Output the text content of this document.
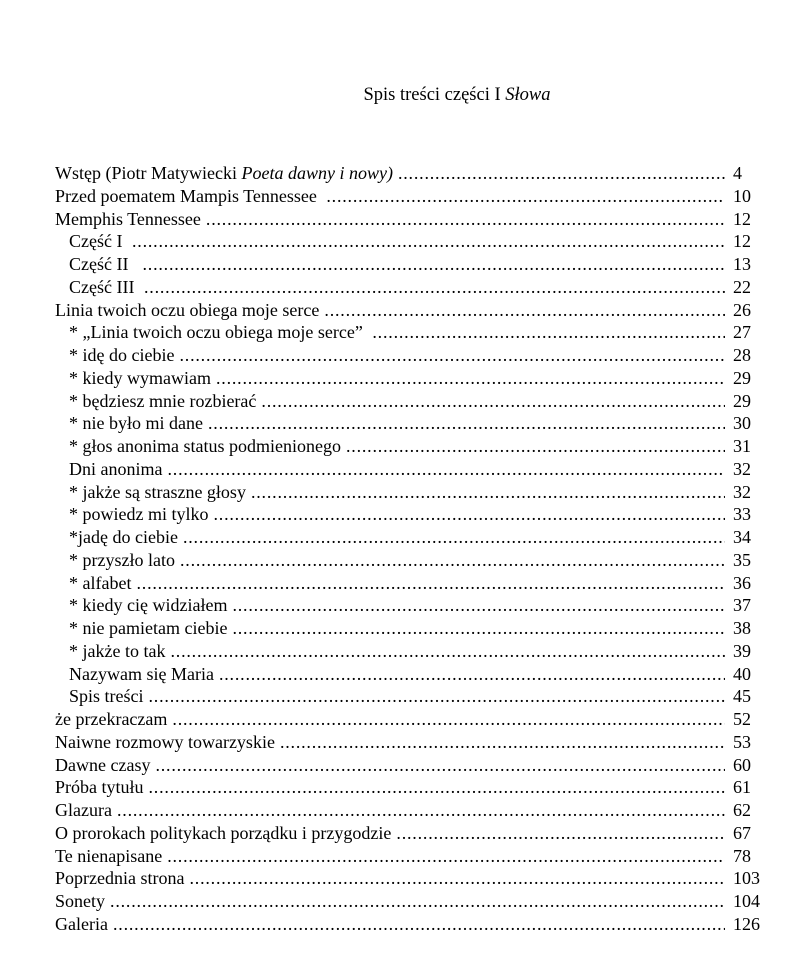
Spis treści części I Słowa
Wstęp (Piotr Matywiecki Poeta dawny i nowy) .....	4
Przed poematem Mampis Tennessee .....	10
Memphis Tennessee .....	12
Część I .....	12
Część II .....	13
Część III .....	22
Linia twoich oczu obiega moje serce .....	26
* „Linia twoich oczu obiega moje serce” .....	27
* idę do ciebie .....	28
* kiedy wymawiam .....	29
* będziesz mnie rozbierać .....	29
* nie było mi dane .....	30
* głos anonima status podmienionego .....	31
Dni anonima .....	32
* jakże są straszne głosy .....	32
* powiedz mi tylko .....	33
*jadę do ciebie .....	34
* przyszło lato .....	35
* alfabet .....	36
* kiedy cię widziałem .....	37
* nie pamietam ciebie .....	38
* jakże to tak .....	39
Nazywam się Maria .....	40
Spis treści .....	45
że przekraczam .....	52
Naiwne rozmowy towarzyskie .....	53
Dawne czasy .....	60
Próba tytułu .....	61
Glazura .....	62
O prorokach politykach porządku i przygodzie .....	67
Te nienapisane .....	78
Poprzednia strona .....	103
Sonety .....	104
Galeria .....	126
